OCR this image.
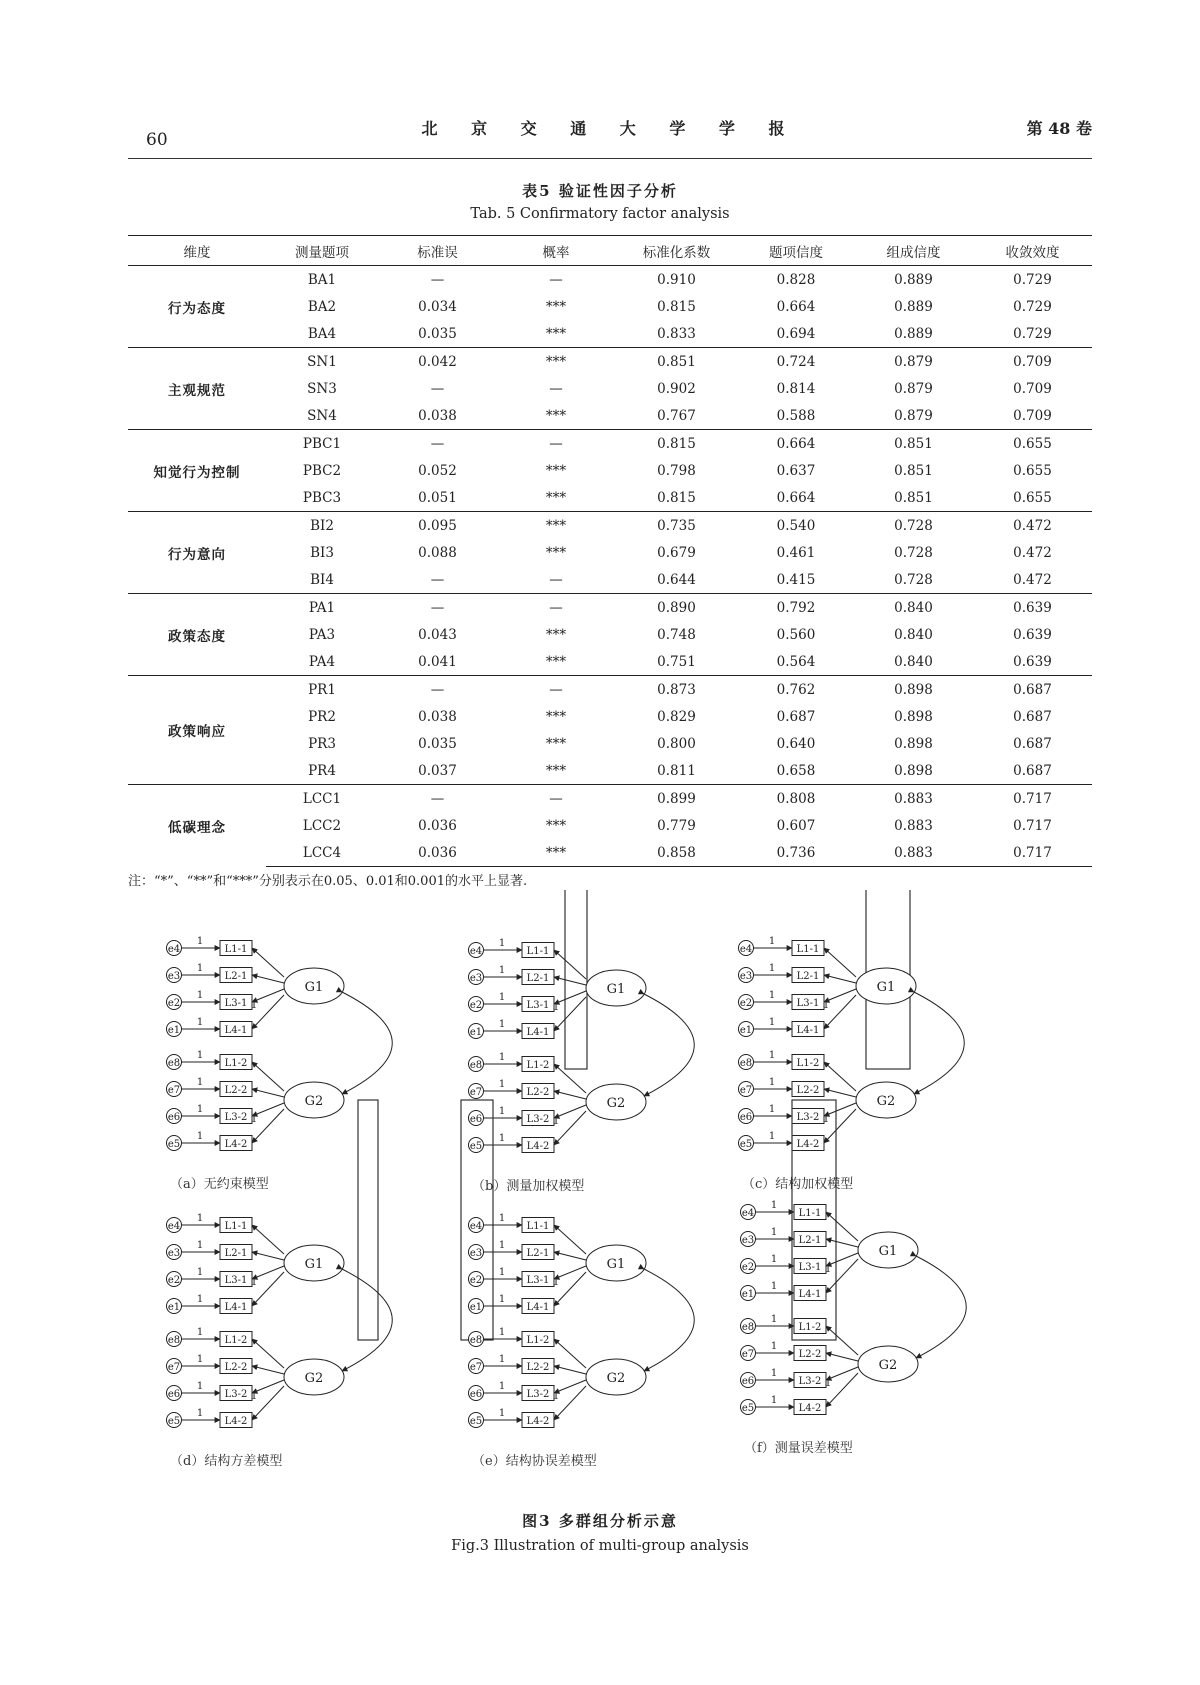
60
北 京 交 通 大 学 学 报	第 48 卷
表5 验证性因子分析
Tab. 5 Confirmatory factor analysis
维度	测量题项	标准误	概率	标准化系数	题项信度	组成信度	收敛效度
行为态度	BA1	—	—	0.910	0.828	0.889	0.729
	BA2	0.034	***	0.815	0.664	0.889	0.729
	BA4	0.035	***	0.833	0.694	0.889	0.729
主观规范	SN1	0.042	***	0.851	0.724	0.879	0.709
	SN3	—	—	0.902	0.814	0.879	0.709
	SN4	0.038	***	0.767	0.588	0.879	0.709
知觉行为控制	PBC1	—	—	0.815	0.664	0.851	0.655
	PBC2	0.052	***	0.798	0.637	0.851	0.655
	PBC3	0.051	***	0.815	0.664	0.851	0.655
行为意向	BI2	0.095	***	0.735	0.540	0.728	0.472
	BI3	0.088	***	0.679	0.461	0.728	0.472
	BI4	—	—	0.644	0.415	0.728	0.472
政策态度	PA1	—	—	0.890	0.792	0.840	0.639
	PA3	0.043	***	0.748	0.560	0.840	0.639
	PA4	0.041	***	0.751	0.564	0.840	0.639
政策响应	PR1	—	—	0.873	0.762	0.898	0.687
	PR2	0.038	***	0.829	0.687	0.898	0.687
	PR3	0.035	***	0.800	0.640	0.898	0.687
	PR4	0.037	***	0.811	0.658	0.898	0.687
低碳理念	LCC1	—	—	0.899	0.808	0.883	0.717
	LCC2	0.036	***	0.779	0.607	0.883	0.717
	LCC4	0.036	***	0.858	0.736	0.883	0.717
注：“*”、“**”和“***”分别表示在0.05、0.01和0.001的水平上显著.
e4
1
L1-1
e3
1
L2-1
e2
1
L3-1
e1
1
L4-1
1
e8
1
L1-2
e7
1
L2-2
e6
1
L3-2
e5
1
L4-2
1
G1
G2
（a）无约束模型
e4
1
L1-1
e3
1
L2-1
e2
1
L3-1
e1
1
L4-1
1
e8
1
L1-2
e7
1
L2-2
e6
1
L3-2
e5
1
L4-2
1
G1
G2
（b）测量加权模型
e4
1
L1-1
e3
1
L2-1
e2
1
L3-1
e1
1
L4-1
1
e8
1
L1-2
e7
1
L2-2
e6
1
L3-2
e5
1
L4-2
1
G1
G2
（c）结构加权模型
e4
1
L1-1
e3
1
L2-1
e2
1
L3-1
e1
1
L4-1
1
e8
1
L1-2
e7
1
L2-2
e6
1
L3-2
e5
1
L4-2
1
G1
G2
（d）结构方差模型
e4
1
L1-1
e3
1
L2-1
e2
1
L3-1
e1
1
L4-1
1
e8
1
L1-2
e7
1
L2-2
e6
1
L3-2
e5
1
L4-2
1
G1
G2
（e）结构协误差模型
e4
1
L1-1
e3
1
L2-1
e2
1
L3-1
e1
1
L4-1
1
e8
1
L1-2
e7
1
L2-2
e6
1
L3-2
e5
1
L4-2
1
G1
G2
（f）测量误差模型
图3 多群组分析示意
Fig.3 Illustration of multi-group analysis
